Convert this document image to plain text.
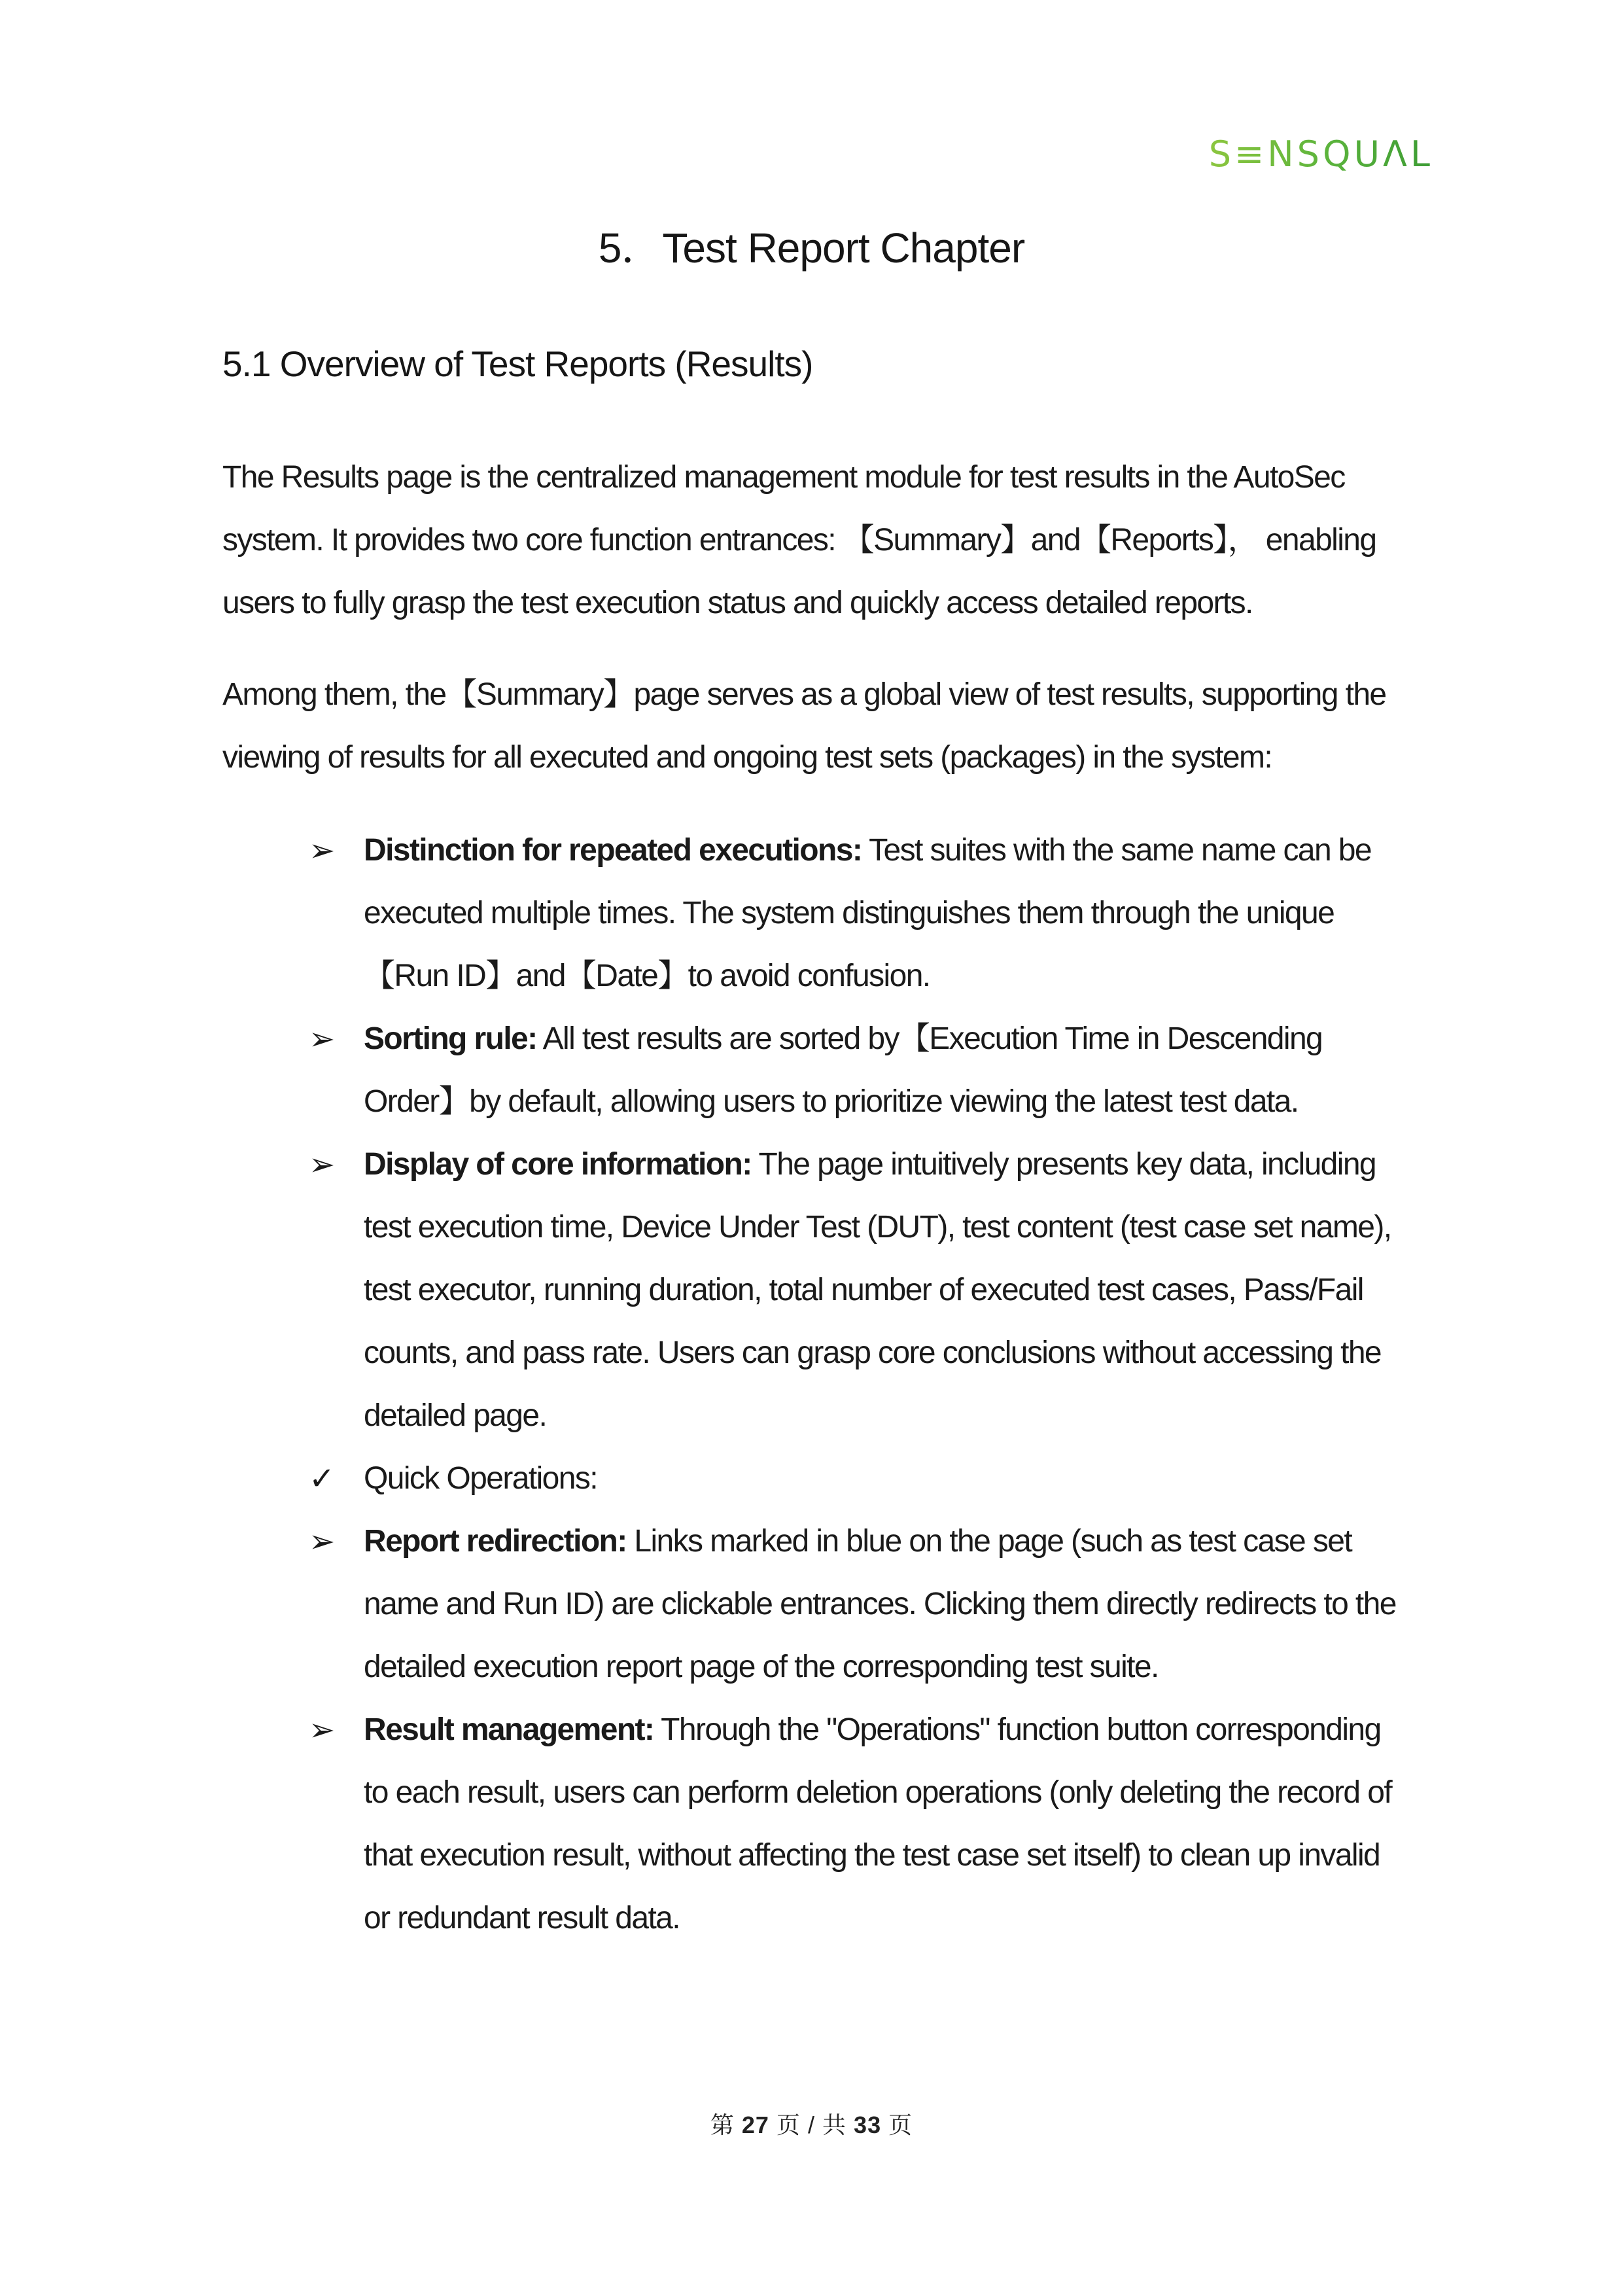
S≡NSQUΛL
5．Test Report Chapter
5.1 Overview of Test Reports (Results)

The Results page is the centralized management module for test results in the AutoSec system. It provides two core function entrances: 【Summary】and【Reports】， enabling users to fully grasp the test execution status and quickly access detailed reports.

Among them, the【Summary】page serves as a global view of test results, supporting the viewing of results for all executed and ongoing test sets (packages) in the system:

➢ Distinction for repeated executions: Test suites with the same name can be executed multiple times. The system distinguishes them through the unique【Run ID】and【Date】to avoid confusion.
➢ Sorting rule: All test results are sorted by【Execution Time in Descending Order】by default, allowing users to prioritize viewing the latest test data.
➢ Display of core information: The page intuitively presents key data, including test execution time, Device Under Test (DUT), test content (test case set name), test executor, running duration, total number of executed test cases, Pass/Fail counts, and pass rate. Users can grasp core conclusions without accessing the detailed page.
✓ Quick Operations:
➢ Report redirection: Links marked in blue on the page (such as test case set name and Run ID) are clickable entrances. Clicking them directly redirects to the detailed execution report page of the corresponding test suite.
➢ Result management: Through the "Operations" function button corresponding to each result, users can perform deletion operations (only deleting the record of that execution result, without affecting the test case set itself) to clean up invalid or redundant result data.
第 27 页 / 共 33 页
